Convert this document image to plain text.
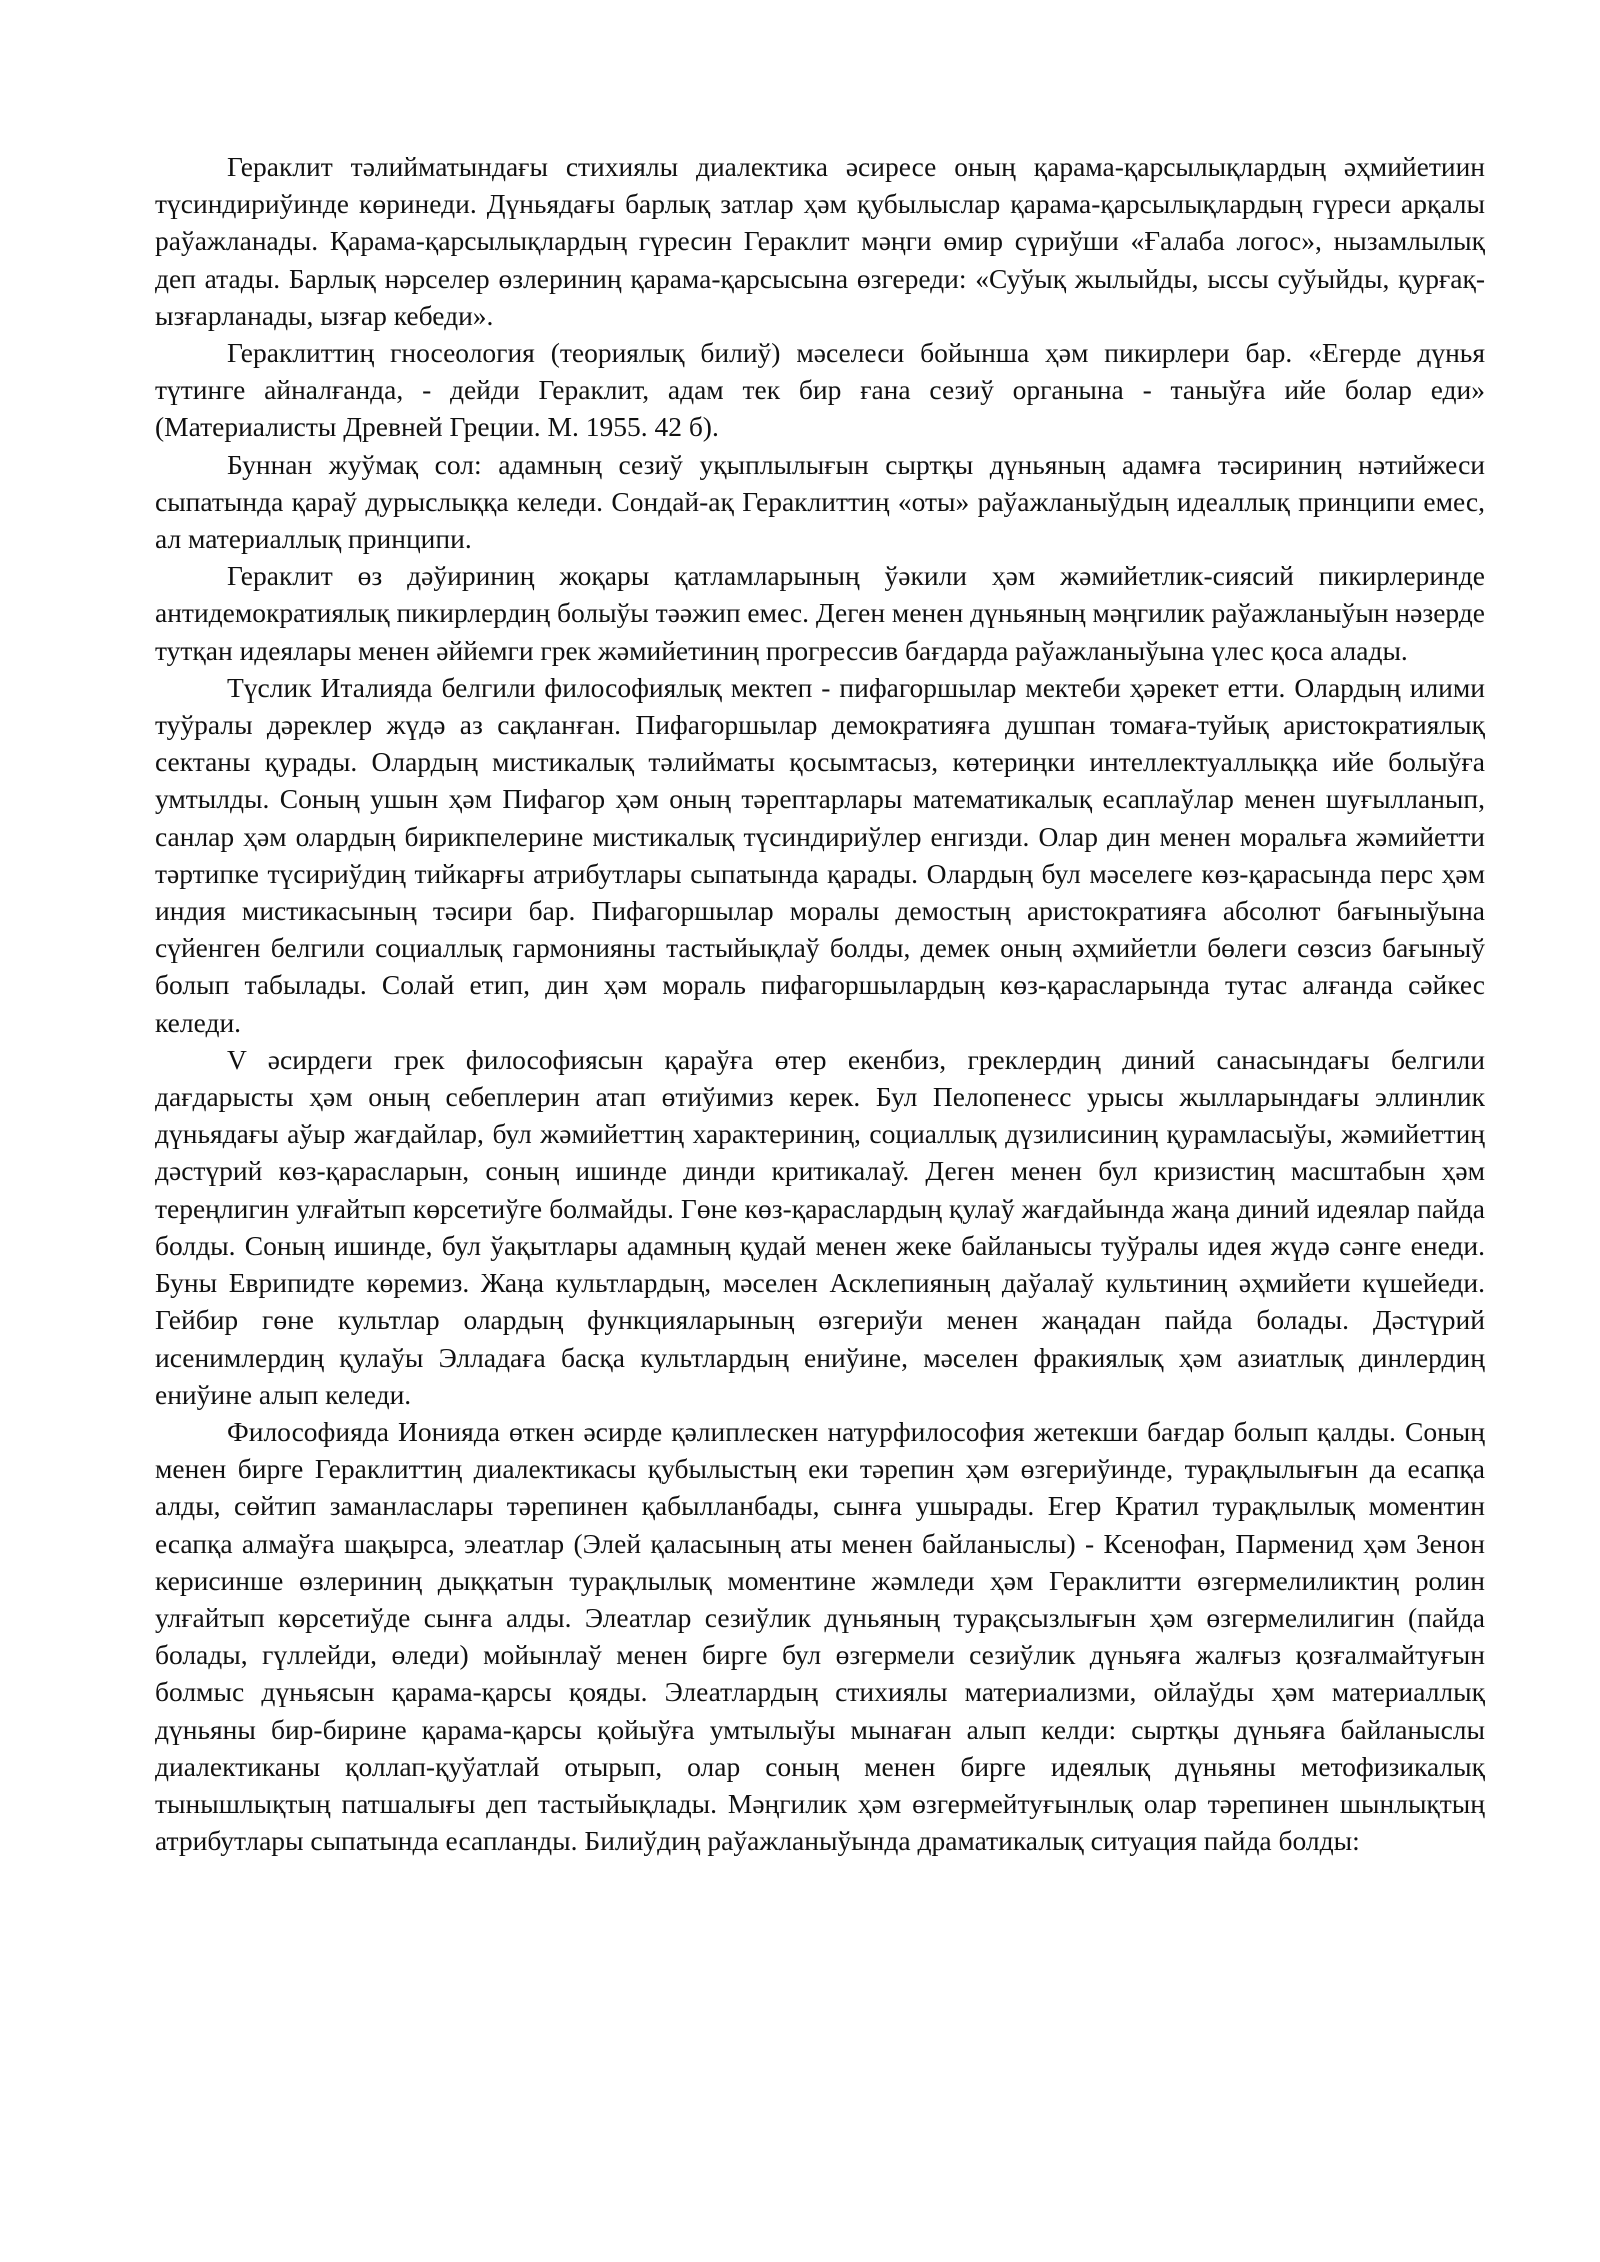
Гераклит тәлийматындағы стихиялы диалектика әсиресе оның қарама-қарсылықлардың әҳмийетиин түсиндириўинде көринеди. Дүньядағы барлық затлар ҳәм қубылыслар қарама-қарсылықлардың гүреси арқалы раўажланады. Қарама-қарсылықлардың гүресин Гераклит мәңги өмир сүриўши «Ғалаба логос», нызамлылық деп атады. Барлық нәрселер өзлериниң қарама-қарсысына өзгереди: «Суўық жылыйды, ыссы суўыйды, қурғақ-ызғарланады, ызғар кебеди».

Гераклиттиң гносеология (теориялық билиў) мәселеси бойынша ҳәм пикирлери бар. «Егерде дүнья түтинге айналғанда, - дейди Гераклит, адам тек бир ғана сезиў органына - таныўға ийе болар еди» (Материалисты Древней Греции. М. 1955. 42 б).

Буннан жуўмақ сол: адамның сезиў уқыплылығын сыртқы дүньяның адамға тәсириниң нәтийжеси сыпатында қараў дурыслыққа келеди. Сондай-ақ Гераклиттиң «оты» раўажланыўдың идеаллық принципи емес, ал материаллық принципи.

Гераклит өз дәўириниң жоқары қатламларының ўәкили ҳәм жәмийетлик-сиясий пикирлеринде антидемократиялық пикирлердиң болыўы тәәжип емес. Деген менен дүньяның мәңгилик раўажланыўын нәзерде тутқан идеялары менен әййемги грек жәмийетиниң прогрессив бағдарда раўажланыўына үлес қоса алады.

Түслик Италияда белгили философиялық мектеп - пифагоршылар мектеби ҳәрекет етти. Олардың илими туўралы дәреклер жүдә аз сақланған. Пифагоршылар демократияға душпан томаға-туйық аристократиялық сектаны қурады. Олардың мистикалық тәлийматы қосымтасыз, көтериңки интеллектуаллыққа ийе болыўға умтылды. Соның ушын ҳәм Пифагор ҳәм оның тәрептарлары математикалық есаплаўлар менен шуғылланып, санлар ҳәм олардың бирикпелерине мистикалық түсиндириўлер енгизди. Олар дин менен моральға жәмийетти тәртипке түсириўдиң тийкарғы атрибутлары сыпатында қарады. Олардың бул мәселеге көз-қарасында перс ҳәм индия мистикасының тәсири бар. Пифагоршылар моралы демостың аристократияға абсолют бағыныўына сүйенген белгили социаллық гармонияны тастыйықлаў болды, демек оның әҳмийетли бөлеги сөзсиз бағыныў болып табылады. Солай етип, дин ҳәм мораль пифагоршылардың көз-қарасларында тутас алғанда сәйкес келеди.

V әсирдеги грек философиясын қараўға өтер екенбиз, греклердиң диний санасындағы белгили дағдарысты ҳәм оның себеплерин атап өтиўимиз керек. Бул Пелопенесс урысы жылларындағы эллинлик дүньядағы аўыр жағдайлар, бул жәмийеттиң характериниң, социаллық дүзилисиниң қурамласыўы, жәмийеттиң дәстүрий көз-қарасларын, соның ишинде динди критикалаў. Деген менен бул кризистиң масштабын ҳәм тереңлигин улғайтып көрсетиўге болмайды. Гөне көз-қараслардың қулаў жағдайында жаңа диний идеялар пайда болды. Соның ишинде, бул ўақытлары адамның қудай менен жеке байланысы туўралы идея жүдә сәнге енеди. Буны Еврипидте көремиз. Жаңа культлардың, мәселен Асклепияның даўалаў культиниң әҳмийети күшейеди. Гейбир гөне культлар олардың функцияларының өзгериўи менен жаңадан пайда болады. Дәстүрий исенимлердиң қулаўы Элладаға басқа культлардың ениўине, мәселен фракиялық ҳәм азиатлық динлердиң ениўине алып келеди.

Философияда Ионияда өткен әсирде қәлиплескен натурфилософия жетекши бағдар болып қалды. Соның менен бирге Гераклиттиң диалектикасы қубылыстың еки тәрепин ҳәм өзгериўинде, турақлылығын да есапқа алды, сөйтип заманласлары тәрепинен қабылланбады, сынға ушырады. Егер Кратил турақлылық моментин есапқа алмаўға шақырса, элеатлар (Элей қаласының аты менен байланыслы) - Ксенофан, Парменид ҳәм Зенон керисинше өзлериниң дыққатын турақлылық моментине жәмледи ҳәм Гераклитти өзгермелиликтиң ролин улғайтып көрсетиўде сынға алды. Элеатлар сезиўлик дүньяның турақсызлығын ҳәм өзгермелилигин (пайда болады, гүллейди, өледи) мойынлаў менен бирге бул өзгермели сезиўлик дүньяға жалғыз қозғалмайтуғын болмыс дүньясын қарама-қарсы қояды. Элеатлардың стихиялы материализми, ойлаўды ҳәм материаллық дүньяны бир-бирине қарама-қарсы қойыўға умтылыўы мынаған алып келди: сыртқы дүньяға байланыслы диалектиканы қоллап-қуўатлай отырып, олар соның менен бирге идеялық дүньяны метофизикалық тынышлықтың патшалығы деп тастыйықлады. Мәңгилик ҳәм өзгермейтуғынлық олар тәрепинен шынлықтың атрибутлары сыпатында есапланды. Билиўдиң раўажланыўында драматикалық ситуация пайда болды:
